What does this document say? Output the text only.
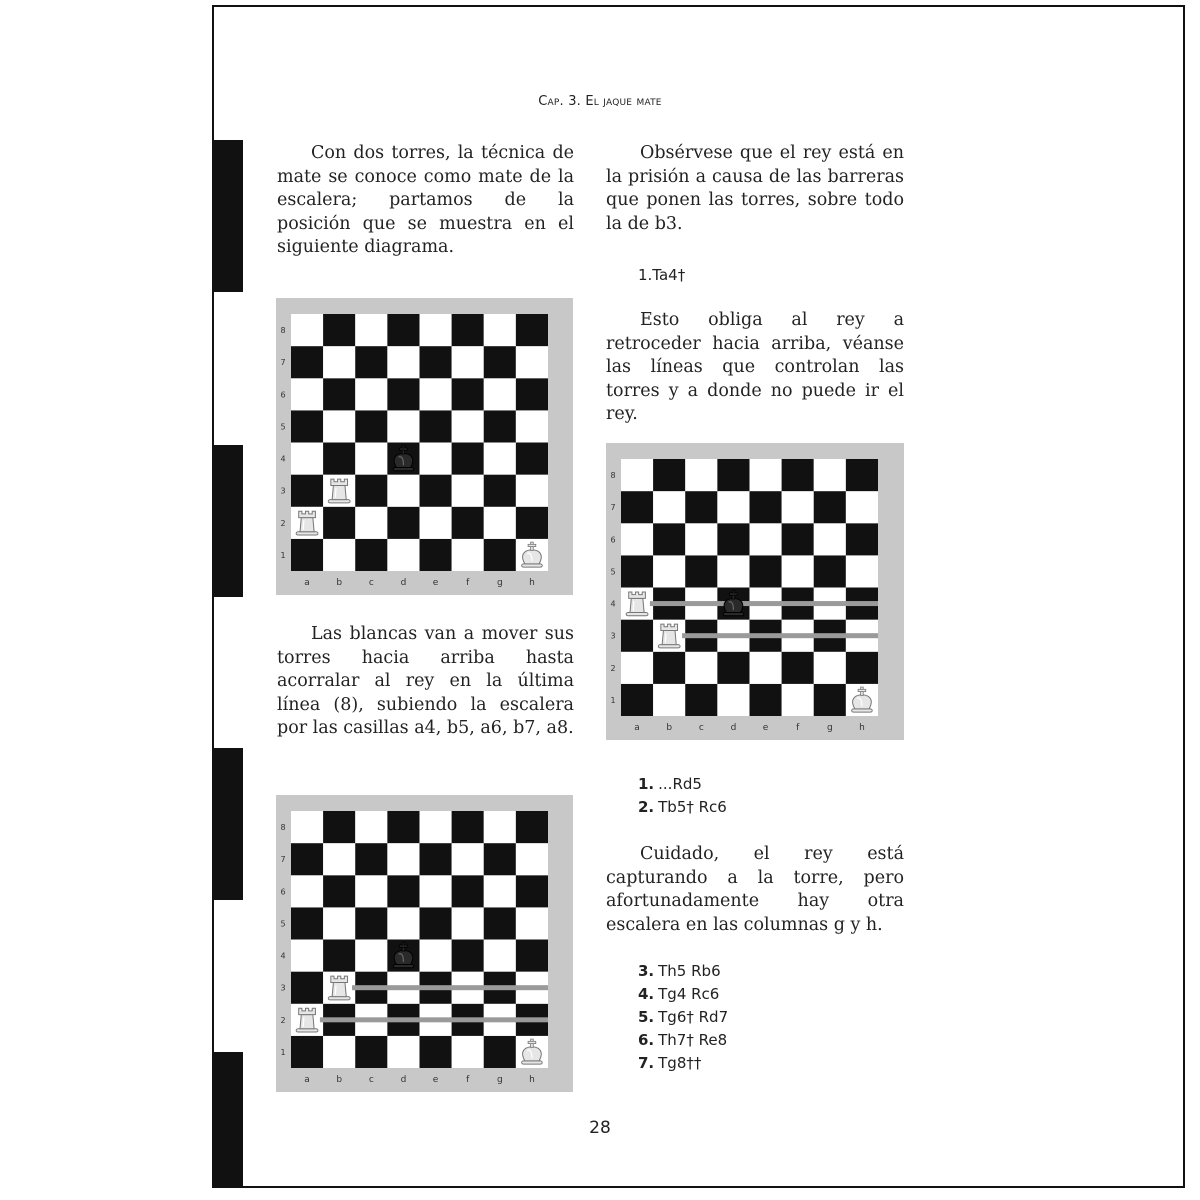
Cap. 3. El jaque mate

Con dos torres, la técnica de mate se conoce como mate de la escalera; partamos de la posición que se muestra en el siguiente diagrama.

1
2
3
4
5
6
7
8
a	b	c	d	e	f	g	h

Las blancas van a mover sus torres hacia arriba hasta acorralar al rey en la última línea (8), subiendo la escalera por las casillas a4, b5, a6, b7, a8.

1
2
3
4
5
6
7
8
a	b	c	d	e	f	g	h

Obsérvese que el rey está en la prisión a causa de las barreras que ponen las torres, sobre todo la de b3.

1.Ta4†

Esto obliga al rey a retroceder hacia arriba, véanse las líneas que controlan las torres y a donde no puede ir el rey.

1
2
3
4
5
6
7
8
a	b	c	d	e	f	g	h
1. ...Rd5
2. Tb5† Rc6

Cuidado, el rey está capturando a la torre, pero afortunadamente hay otra escalera en las columnas g y h.

3. Th5 Rb6
4. Tg4 Rc6
5. Tg6† Rd7
6. Th7† Re8
7. Tg8††
28
